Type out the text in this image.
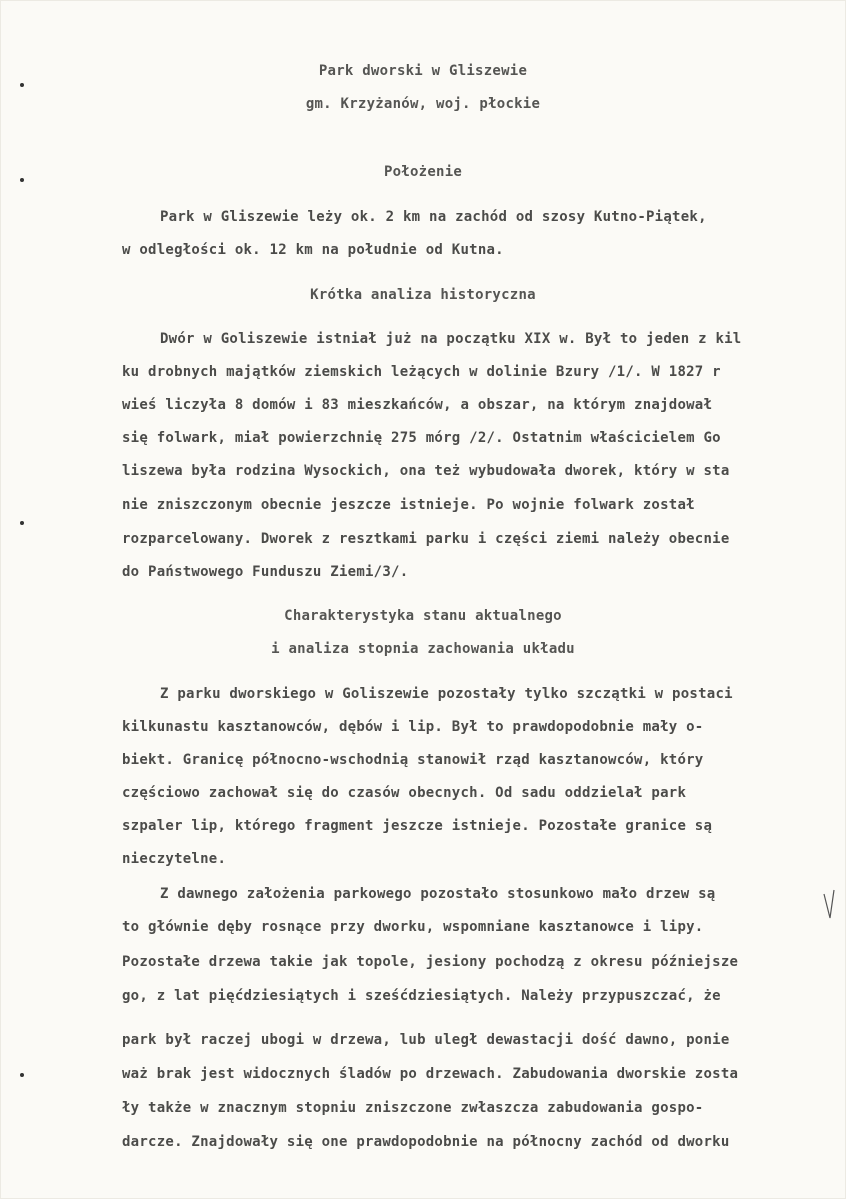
Park dworski w Gliszewie
gm. Krzyżanów, woj. płockie
Położenie
Park w Gliszewie leży ok. 2 km na zachód od szosy Kutno-Piątek,
w odległości ok. 12 km na południe od Kutna.
Krótka analiza historyczna
Dwór w Goliszewie istniał już na początku XIX w. Był to jeden z kil
ku drobnych majątków ziemskich leżących w dolinie Bzury /1/. W 1827 r
wieś liczyła 8 domów i 83 mieszkańców, a obszar, na którym znajdował
się folwark, miał powierzchnię 275 mórg /2/. Ostatnim właścicielem Go
liszewa była rodzina Wysockich, ona też wybudowała dworek, który w sta
nie zniszczonym obecnie jeszcze istnieje. Po wojnie folwark został
rozparcelowany. Dworek z resztkami parku i części ziemi należy obecnie
do Państwowego Funduszu Ziemi/3/.
Charakterystyka stanu aktualnego
i analiza stopnia zachowania układu
Z parku dworskiego w Goliszewie pozostały tylko szczątki w postaci
kilkunastu kasztanowców, dębów i lip. Był to prawdopodobnie mały o-
biekt. Granicę północno-wschodnią stanowił rząd kasztanowców, który
częściowo zachował się do czasów obecnych. Od sadu oddzielał park
szpaler lip, którego fragment jeszcze istnieje. Pozostałe granice są
nieczytelne.
Z dawnego założenia parkowego pozostało stosunkowo mało drzew są
to głównie dęby rosnące przy dworku, wspomniane kasztanowce i lipy.
Pozostałe drzewa takie jak topole, jesiony pochodzą z okresu późniejsze
go, z lat pięćdziesiątych i sześćdziesiątych. Należy przypuszczać, że
park był raczej ubogi w drzewa, lub uległ dewastacji dość dawno, ponie
waż brak jest widocznych śladów po drzewach. Zabudowania dworskie zosta
ły także w znacznym stopniu zniszczone zwłaszcza zabudowania gospo-
darcze. Znajdowały się one prawdopodobnie na północny zachód od dworku
